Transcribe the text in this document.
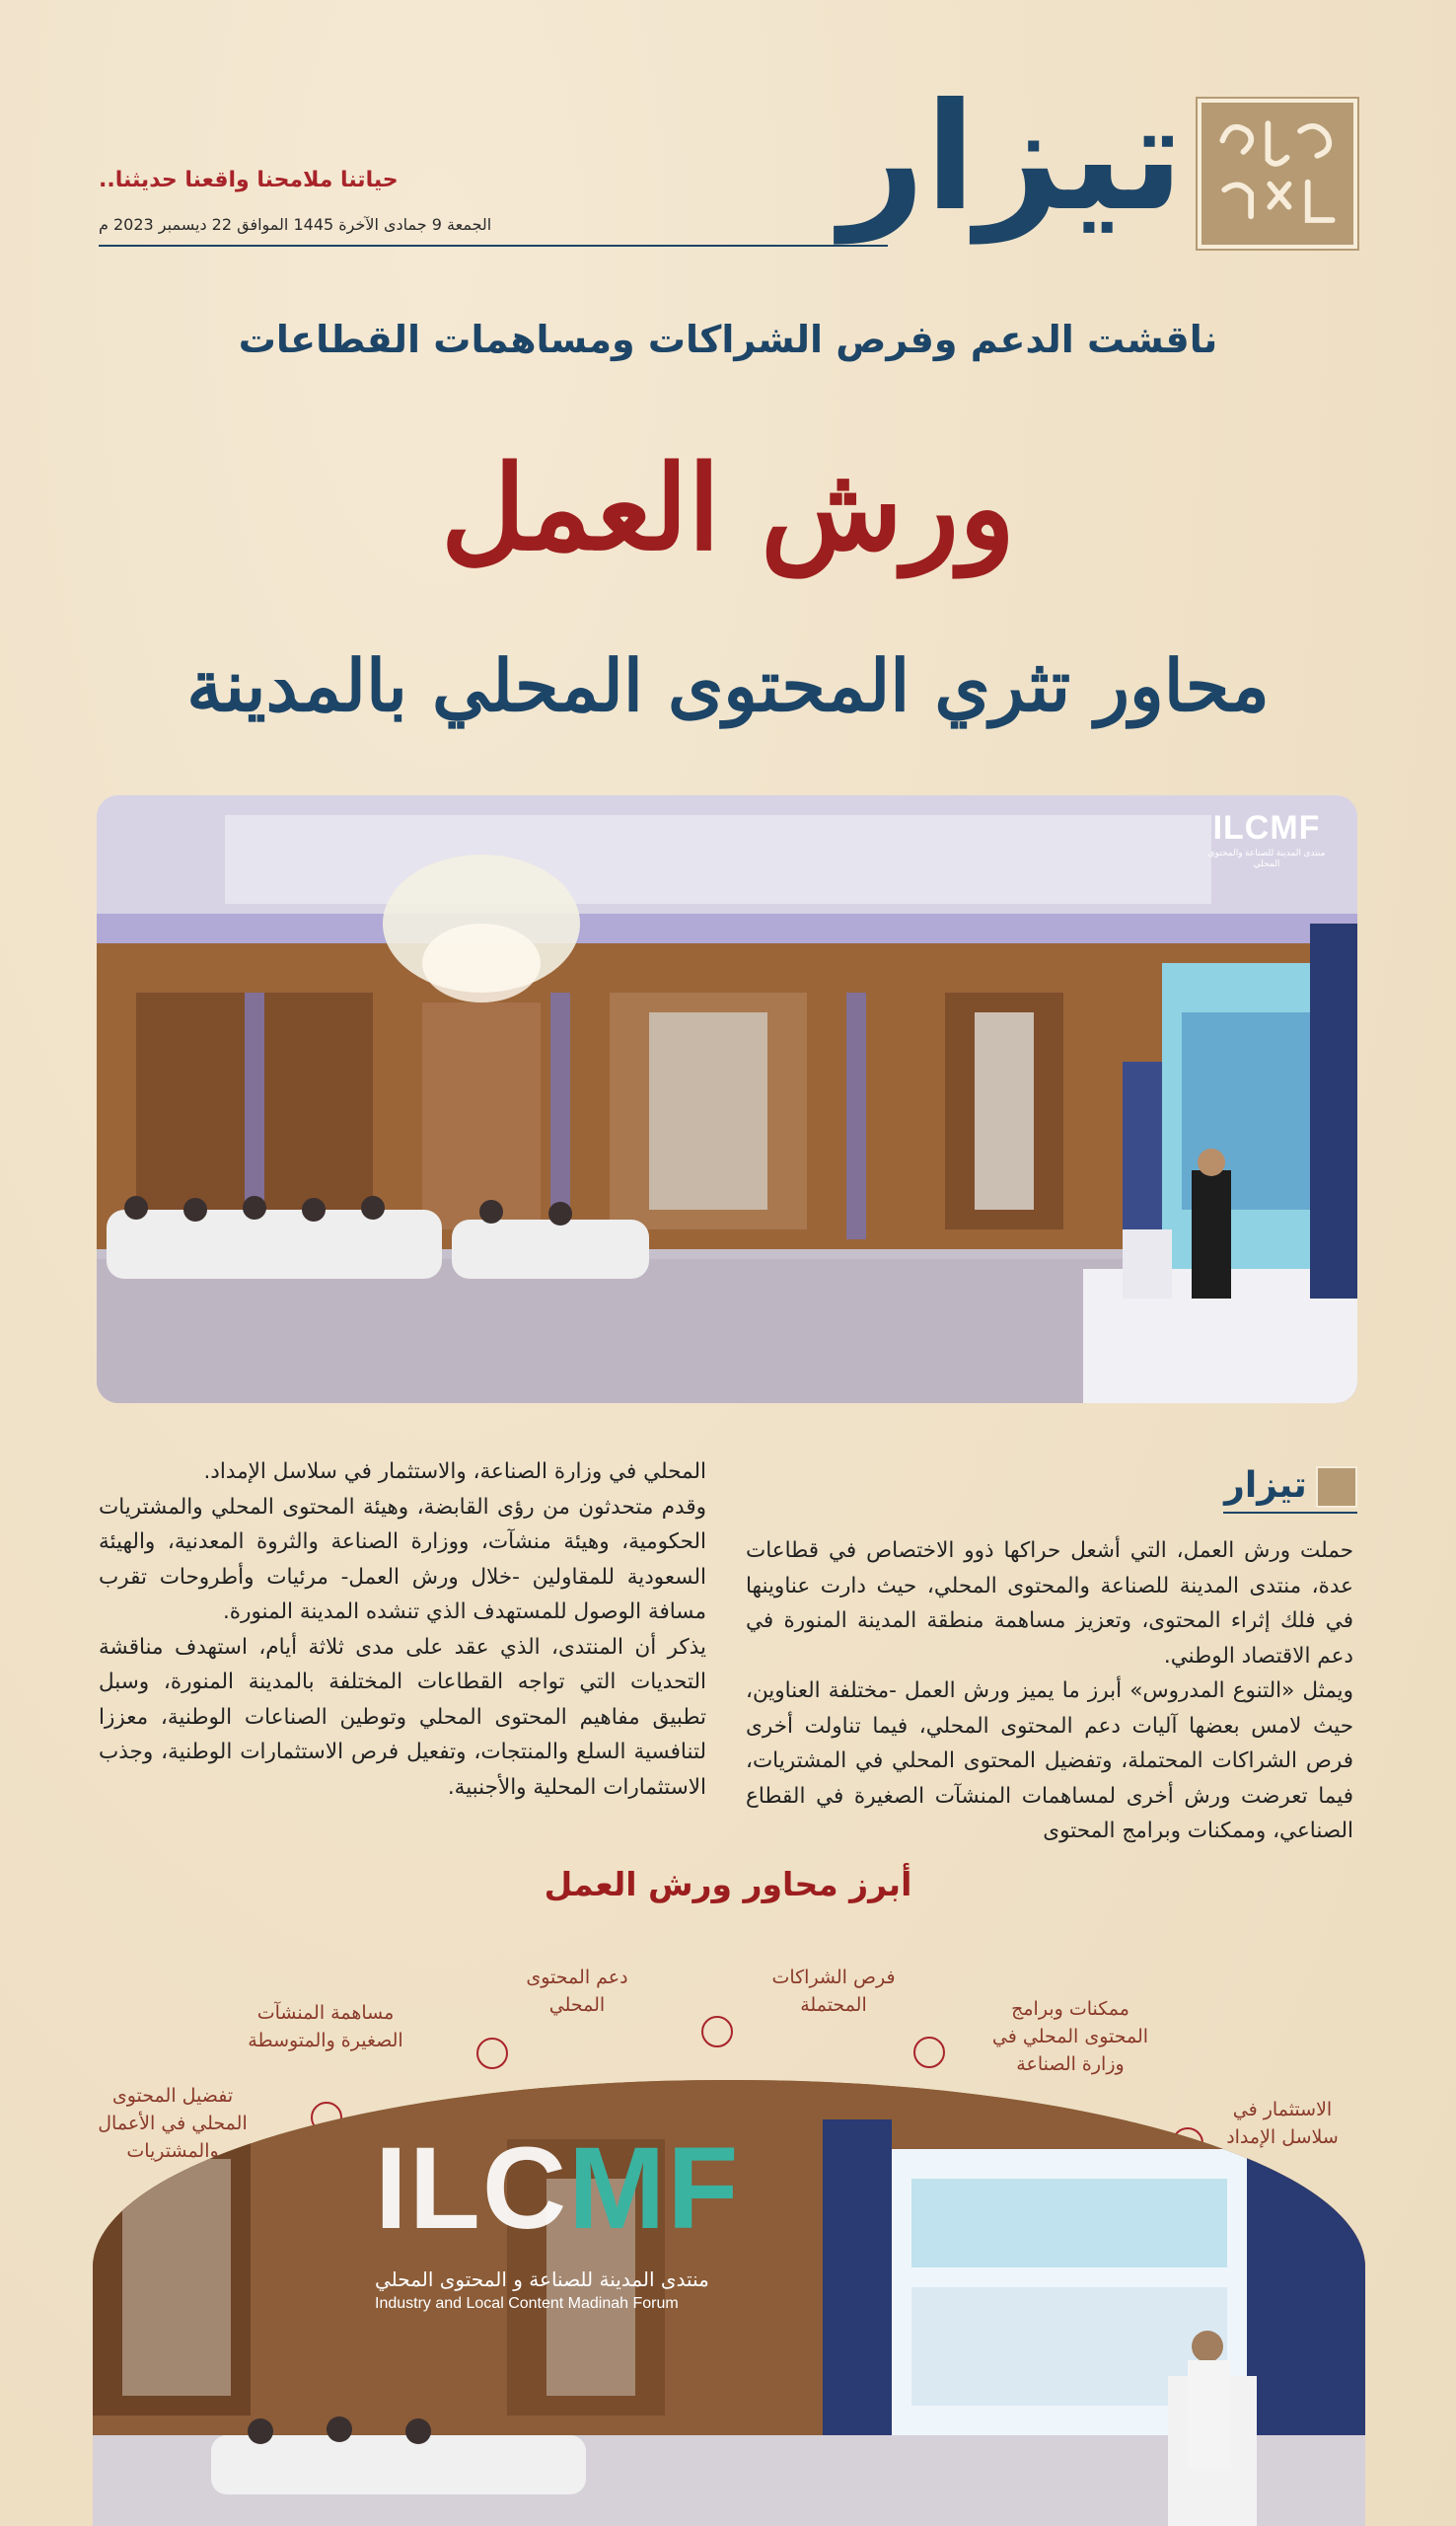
تيزار
حياتنا ملامحنا واقعنا حديثنا..
الجمعة 9 جمادى الآخرة 1445 الموافق 22 ديسمبر 2023 م
ناقشت الدعم وفرص الشراكات ومساهمات القطاعات
ورش العمل
محاور تثري المحتوى المحلي بالمدينة
ILCMF
منتدى المدينة للصناعة والمحتوى المحلي
تيزار

حملت ورش العمل، التي أشعل حراكها ذوو الاختصاص في قطاعات عدة، منتدى المدينة للصناعة والمحتوى المحلي، حيث دارت عناوينها في فلك إثراء المحتوى، وتعزيز مساهمة منطقة المدينة المنورة في دعم الاقتصاد الوطني.

ويمثل «التنوع المدروس» أبرز ما يميز ورش العمل -مختلفة العناوين، حيث لامس بعضها آليات دعم المحتوى المحلي، فيما تناولت أخرى فرص الشراكات المحتملة، وتفضيل المحتوى المحلي في المشتريات، فيما تعرضت ورش أخرى لمساهمات المنشآت الصغيرة في القطاع الصناعي، وممكنات وبرامج المحتوى

المحلي في وزارة الصناعة، والاستثمار في سلاسل الإمداد.

وقدم متحدثون من رؤى القابضة، وهيئة المحتوى المحلي والمشتريات الحكومية، وهيئة منشآت، ووزارة الصناعة والثروة المعدنية، والهيئة السعودية للمقاولين -خلال ورش العمل- مرئيات وأطروحات تقرب مسافة الوصول للمستهدف الذي تنشده المدينة المنورة.

يذكر أن المنتدى، الذي عقد على مدى ثلاثة أيام، استهدف مناقشة التحديات التي تواجه القطاعات المختلفة بالمدينة المنورة، وسبل تطبيق مفاهيم المحتوى المحلي وتوطين الصناعات الوطنية، معززا لتنافسية السلع والمنتجات، وتفعيل فرص الاستثمارات الوطنية، وجذب الاستثمارات المحلية والأجنبية.

أبرز محاور ورش العمل
الاستثمار في سلاسل الإمداد
ممكنات وبرامج المحتوى المحلي في وزارة الصناعة
فرص الشراكات المحتملة
دعم المحتوى المحلي
مساهمة المنشآت الصغيرة والمتوسطة
تفضيل المحتوى المحلي في الأعمال والمشتريات	ILCMF
منتدى المدينة للصناعة و المحتوى المحلي
Industry and Local Content Madinah Forum
